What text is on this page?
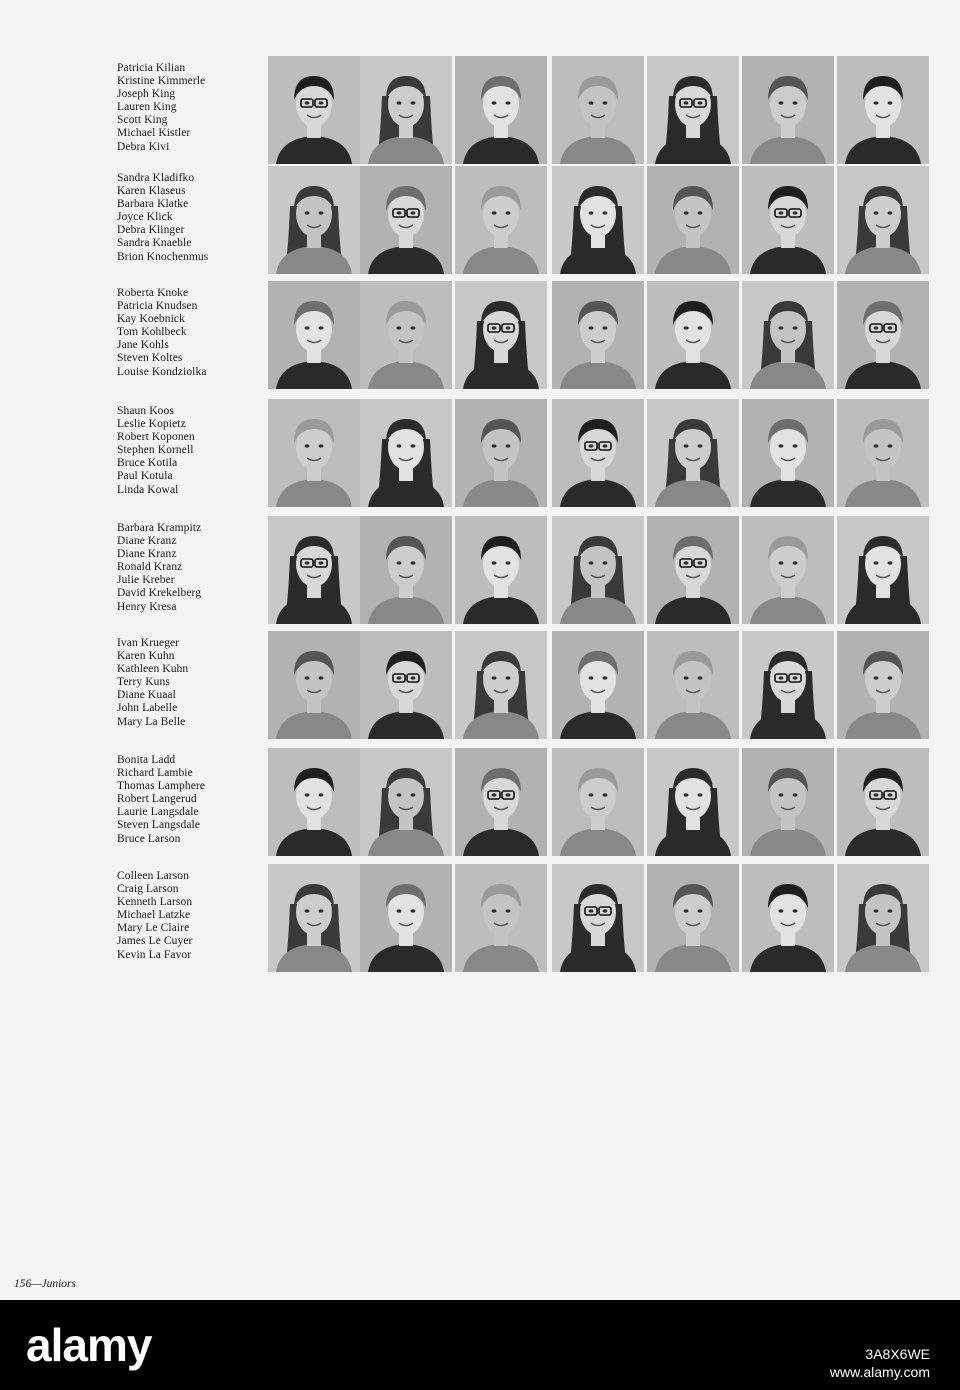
Patricia Kilian
Kristine Kimmerle
Joseph King
Lauren King
Scott King
Michael Kistler
Debra Kivi
Sandra Kladifko
Karen Klaseus
Barbara Klatke
Joyce Klick
Debra Klinger
Sandra Knaeble
Brion Knochenmus
Roberta Knoke
Patricia Knudsen
Kay Koebnick
Tom Kohlbeck
Jane Kohls
Steven Koltes
Louise Kondziolka
Shaun Koos
Leslie Kopietz
Robert Koponen
Stephen Kornell
Bruce Kotila
Paul Kotula
Linda Kowal
Barbara Krampitz
Diane Kranz
Diane Kranz
Ronald Kranz
Julie Kreber
David Krekelberg
Henry Kresa
Ivan Krueger
Karen Kuhn
Kathleen Kuhn
Terry Kuns
Diane Kuaal
John Labelle
Mary La Belle
Bonita Ladd
Richard Lambie
Thomas Lamphere
Robert Langerud
Laurie Langsdale
Steven Langsdale
Bruce Larson
Colleen Larson
Craig Larson
Kenneth Larson
Michael Latzke
Mary Le Claire
James Le Cuyer
Kevin La Favor
156—Juniors
alamy	3A8X6WE
www.alamy.com
